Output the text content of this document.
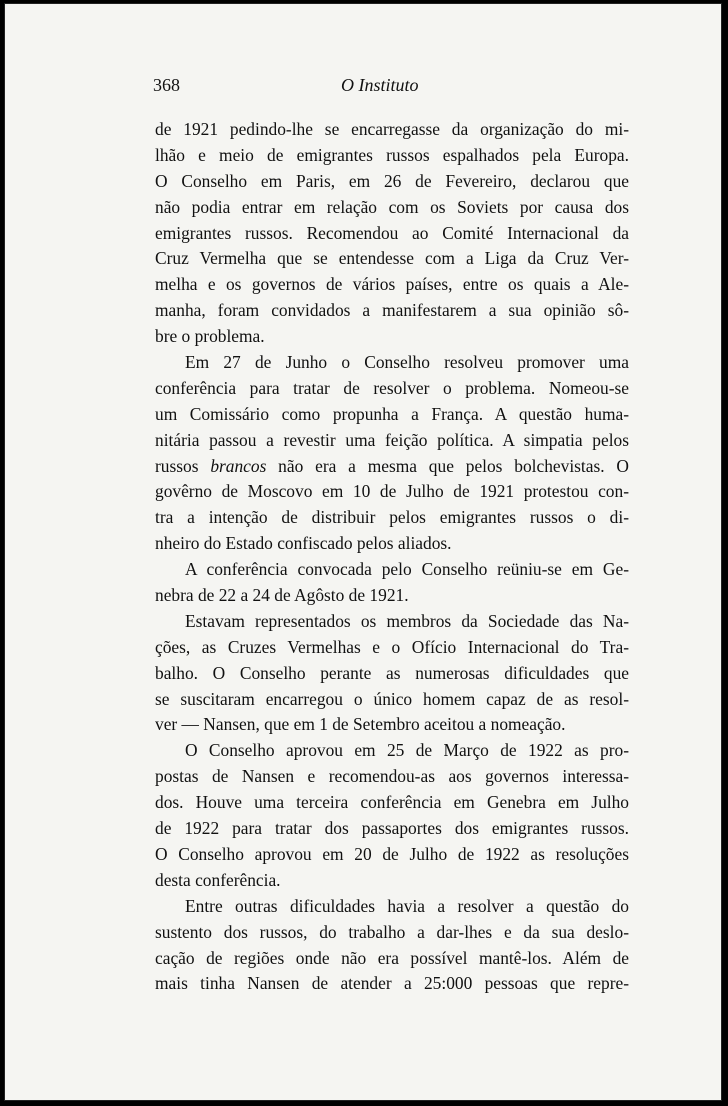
368	O Instituto
de 1921 pedindo-lhe se encarregasse da organização do mi-
lhão e meio de emigrantes russos espalhados pela Europa.
O Conselho em Paris, em 26 de Fevereiro, declarou que
não podia entrar em relação com os Soviets por causa dos
emigrantes russos. Recomendou ao Comité Internacional da
Cruz Vermelha que se entendesse com a Liga da Cruz Ver-
melha e os governos de vários países, entre os quais a Ale-
manha, foram convidados a manifestarem a sua opinião sô-
bre o problema.
Em 27 de Junho o Conselho resolveu promover uma
conferência para tratar de resolver o problema. Nomeou-se
um Comissário como propunha a França. A questão huma-
nitária passou a revestir uma feição política. A simpatia pelos
russos brancos não era a mesma que pelos bolchevistas. O
govêrno de Moscovo em 10 de Julho de 1921 protestou con-
tra a intenção de distribuir pelos emigrantes russos o di-
nheiro do Estado confiscado pelos aliados.
A conferência convocada pelo Conselho reüniu-se em Ge-
nebra de 22 a 24 de Agôsto de 1921.
Estavam representados os membros da Sociedade das Na-
ções, as Cruzes Vermelhas e o Ofício Internacional do Tra-
balho. O Conselho perante as numerosas dificuldades que
se suscitaram encarregou o único homem capaz de as resol-
ver — Nansen, que em 1 de Setembro aceitou a nomeação.
O Conselho aprovou em 25 de Março de 1922 as pro-
postas de Nansen e recomendou-as aos governos interessa-
dos. Houve uma terceira conferência em Genebra em Julho
de 1922 para tratar dos passaportes dos emigrantes russos.
O Conselho aprovou em 20 de Julho de 1922 as resoluções
desta conferência.
Entre outras dificuldades havia a resolver a questão do
sustento dos russos, do trabalho a dar-lhes e da sua deslo-
cação de regiões onde não era possível mantê-los. Além de
mais tinha Nansen de atender a 25:000 pessoas que repre-
